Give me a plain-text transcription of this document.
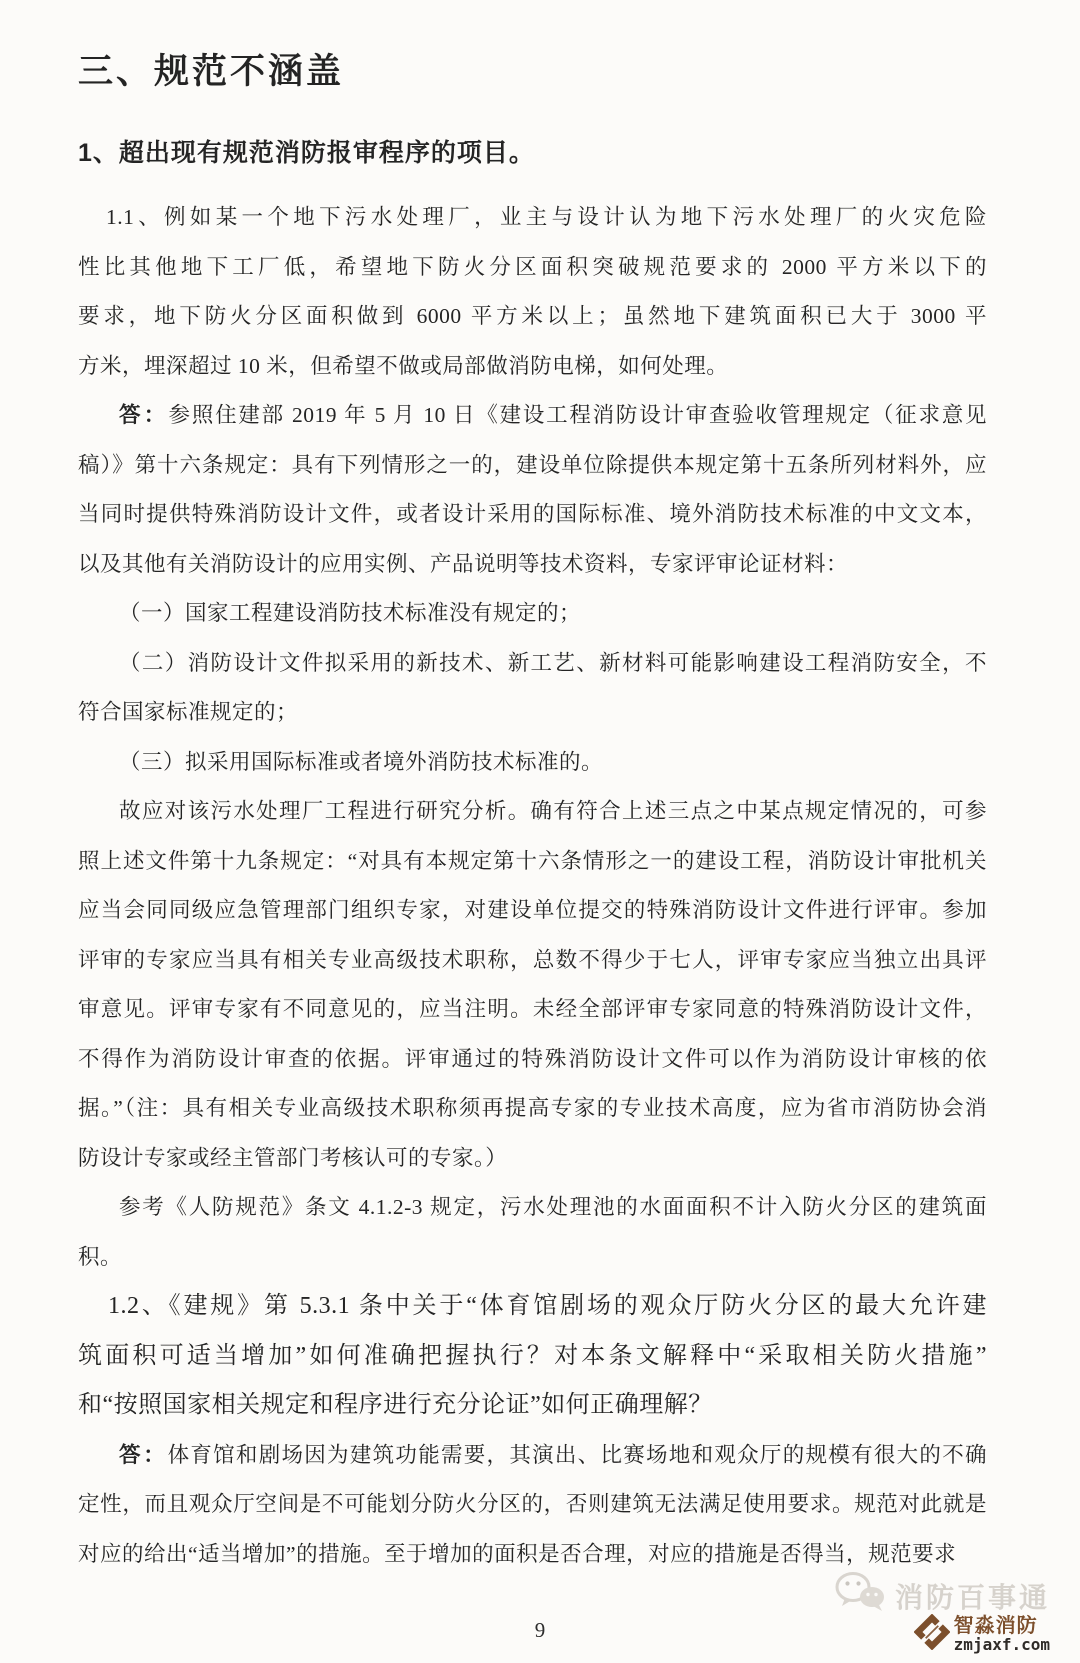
三、规范不涵盖
1、超出现有规范消防报审程序的项目。
1.1、例如某一个地下污水处理厂，业主与设计认为地下污水处理厂的火灾危险
性比其他地下工厂低，希望地下防火分区面积突破规范要求的 2000 平方米以下的
要求，地下防火分区面积做到 6000 平方米以上；虽然地下建筑面积已大于 3000 平
方米，埋深超过 10 米，但希望不做或局部做消防电梯，如何处理。
答：参照住建部 2019 年 5 月 10 日《建设工程消防设计审查验收管理规定（征求意见
稿）》第十六条规定：具有下列情形之一的，建设单位除提供本规定第十五条所列材料外，应
当同时提供特殊消防设计文件，或者设计采用的国际标准、境外消防技术标准的中文文本，
以及其他有关消防设计的应用实例、产品说明等技术资料，专家评审论证材料：
（一）国家工程建设消防技术标准没有规定的；
（二）消防设计文件拟采用的新技术、新工艺、新材料可能影响建设工程消防安全，不
符合国家标准规定的；
（三）拟采用国际标准或者境外消防技术标准的。
故应对该污水处理厂工程进行研究分析。确有符合上述三点之中某点规定情况的，可参
照上述文件第十九条规定：“对具有本规定第十六条情形之一的建设工程，消防设计审批机关
应当会同同级应急管理部门组织专家，对建设单位提交的特殊消防设计文件进行评审。参加
评审的专家应当具有相关专业高级技术职称，总数不得少于七人，评审专家应当独立出具评
审意见。评审专家有不同意见的，应当注明。未经全部评审专家同意的特殊消防设计文件，
不得作为消防设计审查的依据。评审通过的特殊消防设计文件可以作为消防设计审核的依
据。”（注：具有相关专业高级技术职称须再提高专家的专业技术高度，应为省市消防协会消
防设计专家或经主管部门考核认可的专家。）
参考《人防规范》条文 4.1.2-3 规定，污水处理池的水面面积不计入防火分区的建筑面积。
1.2、《建规》第 5.3.1 条中关于“体育馆剧场的观众厅防火分区的最大允许建
筑面积可适当增加”如何准确把握执行？对本条文解释中“采取相关防火措施”
和“按照国家相关规定和程序进行充分论证”如何正确理解？
答：体育馆和剧场因为建筑功能需要，其演出、比赛场地和观众厅的规模有很大的不确
定性，而且观众厅空间是不可能划分防火分区的，否则建筑无法满足使用要求。规范对此就是
对应的给出“适当增加”的措施。至于增加的面积是否合理，对应的措施是否得当，规范要求
9
消防百事通
智淼消防
zmjaxf.com
